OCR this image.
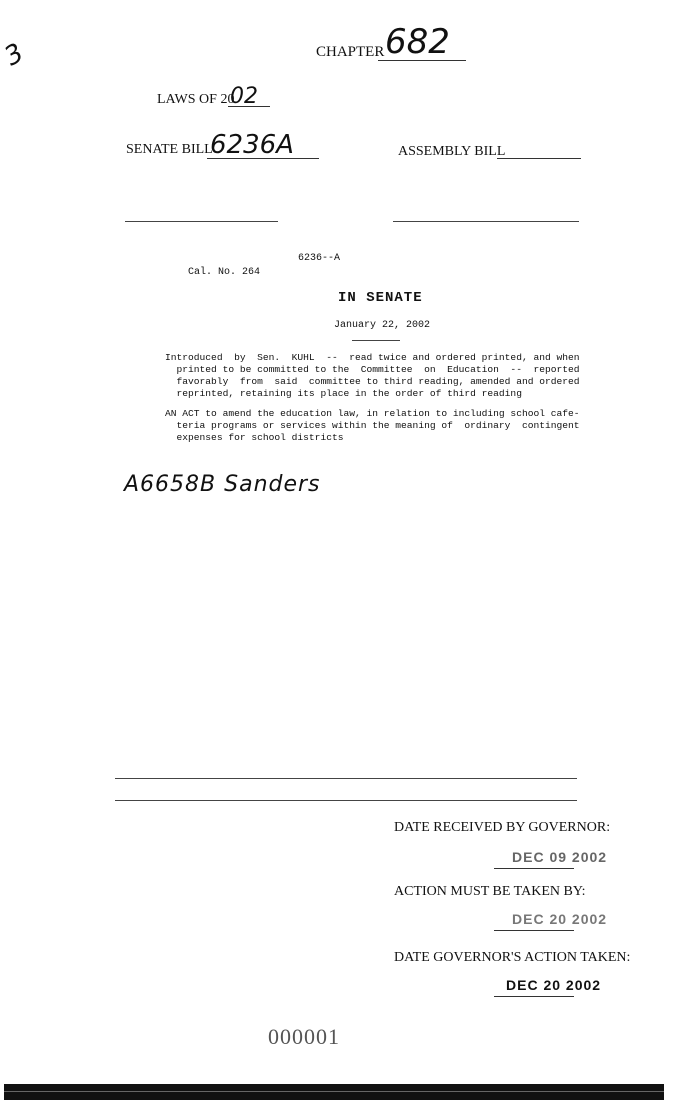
3	CHAPTER 682
LAWS OF 20
02
SENATE BILL
6236A	ASSEMBLY BILL
6236--A
Cal. No. 264
IN SENATE
January 22, 2002
Introduced  by  Sen.  KUHL  --  read twice and ordered printed, and when
printed to be committed to the  Committee  on  Education  --  reported
favorably  from  said  committee to third reading, amended and ordered
reprinted, retaining its place in the order of third reading
AN ACT to amend the education law, in relation to including school cafe-
teria programs or services within the meaning of  ordinary  contingent
expenses for school districts
A6658B Sanders
DATE RECEIVED BY GOVERNOR:
DEC 09 2002
ACTION MUST BE TAKEN BY:
DEC 20 2002
DATE GOVERNOR'S ACTION TAKEN:
DEC 20 2002
000001
